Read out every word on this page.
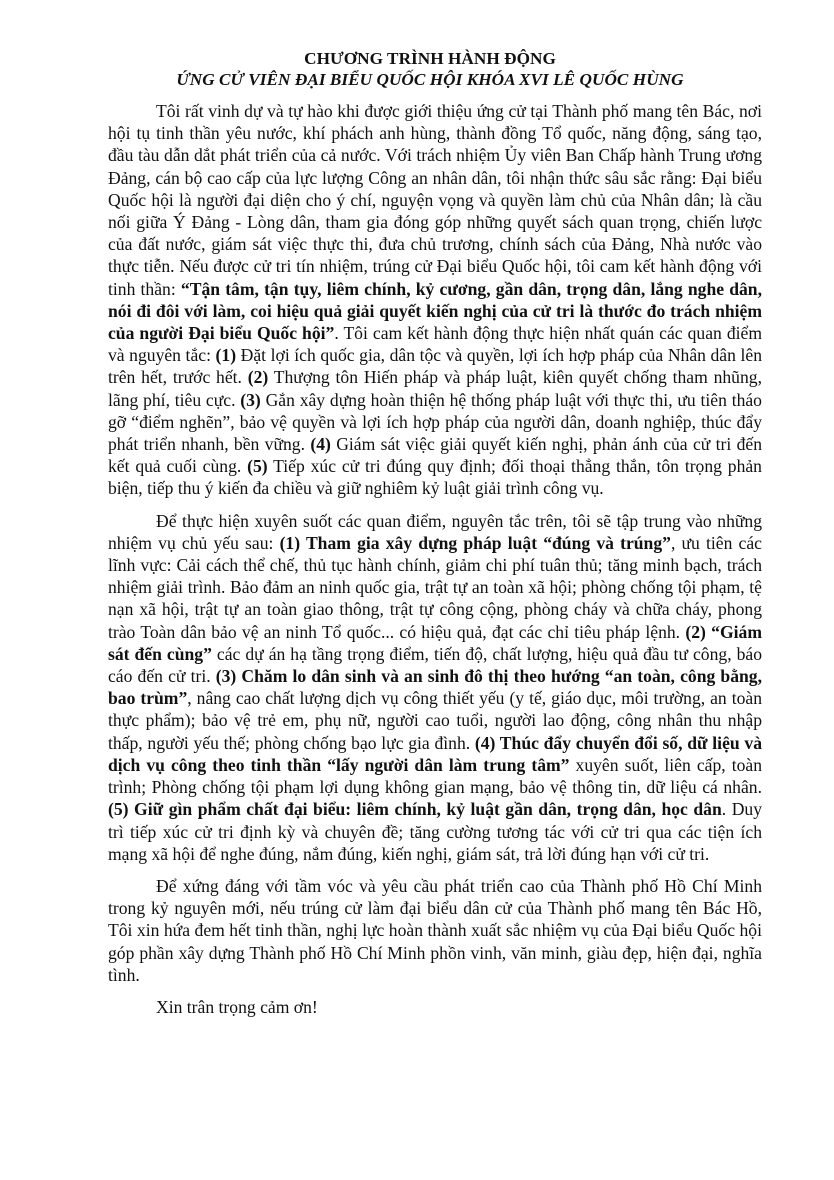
CHƯƠNG TRÌNH HÀNH ĐỘNG
ỨNG CỬ VIÊN ĐẠI BIỂU QUỐC HỘI KHÓA XVI LÊ QUỐC HÙNG

Tôi rất vinh dự và tự hào khi được giới thiệu ứng cử tại Thành phố mang tên Bác, nơi hội tụ tinh thần yêu nước, khí phách anh hùng, thành đồng Tổ quốc, năng động, sáng tạo, đầu tàu dẫn dắt phát triển của cả nước. Với trách nhiệm Ủy viên Ban Chấp hành Trung ương Đảng, cán bộ cao cấp của lực lượng Công an nhân dân, tôi nhận thức sâu sắc rằng: Đại biểu Quốc hội là người đại diện cho ý chí, nguyện vọng và quyền làm chủ của Nhân dân; là cầu nối giữa Ý Đảng - Lòng dân, tham gia đóng góp những quyết sách quan trọng, chiến lược của đất nước, giám sát việc thực thi, đưa chủ trương, chính sách của Đảng, Nhà nước vào thực tiễn. Nếu được cử tri tín nhiệm, trúng cử Đại biểu Quốc hội, tôi cam kết hành động với tinh thần: “Tận tâm, tận tụy, liêm chính, kỷ cương, gần dân, trọng dân, lắng nghe dân, nói đi đôi với làm, coi hiệu quả giải quyết kiến nghị của cử tri là thước đo trách nhiệm của người Đại biểu Quốc hội”. Tôi cam kết hành động thực hiện nhất quán các quan điểm và nguyên tắc: (1) Đặt lợi ích quốc gia, dân tộc và quyền, lợi ích hợp pháp của Nhân dân lên trên hết, trước hết. (2) Thượng tôn Hiến pháp và pháp luật, kiên quyết chống tham nhũng, lãng phí, tiêu cực. (3) Gắn xây dựng hoàn thiện hệ thống pháp luật với thực thi, ưu tiên tháo gỡ “điểm nghẽn”, bảo vệ quyền và lợi ích hợp pháp của người dân, doanh nghiệp, thúc đẩy phát triển nhanh, bền vững. (4) Giám sát việc giải quyết kiến nghị, phản ánh của cử tri đến kết quả cuối cùng. (5) Tiếp xúc cử tri đúng quy định; đối thoại thẳng thắn, tôn trọng phản biện, tiếp thu ý kiến đa chiều và giữ nghiêm kỷ luật giải trình công vụ.

Để thực hiện xuyên suốt các quan điểm, nguyên tắc trên, tôi sẽ tập trung vào những nhiệm vụ chủ yếu sau: (1) Tham gia xây dựng pháp luật “đúng và trúng”, ưu tiên các lĩnh vực: Cải cách thể chế, thủ tục hành chính, giảm chi phí tuân thủ; tăng minh bạch, trách nhiệm giải trình. Bảo đảm an ninh quốc gia, trật tự an toàn xã hội; phòng chống tội phạm, tệ nạn xã hội, trật tự an toàn giao thông, trật tự công cộng, phòng cháy và chữa cháy, phong trào Toàn dân bảo vệ an ninh Tổ quốc... có hiệu quả, đạt các chỉ tiêu pháp lệnh. (2) “Giám sát đến cùng” các dự án hạ tầng trọng điểm, tiến độ, chất lượng, hiệu quả đầu tư công, báo cáo đến cử tri. (3) Chăm lo dân sinh và an sinh đô thị theo hướng “an toàn, công bằng, bao trùm”, nâng cao chất lượng dịch vụ công thiết yếu (y tế, giáo dục, môi trường, an toàn thực phẩm); bảo vệ trẻ em, phụ nữ, người cao tuổi, người lao động, công nhân thu nhập thấp, người yếu thế; phòng chống bạo lực gia đình. (4) Thúc đẩy chuyển đổi số, dữ liệu và dịch vụ công theo tinh thần “lấy người dân làm trung tâm” xuyên suốt, liên cấp, toàn trình; Phòng chống tội phạm lợi dụng không gian mạng, bảo vệ thông tin, dữ liệu cá nhân. (5) Giữ gìn phẩm chất đại biểu: liêm chính, kỷ luật gần dân, trọng dân, học dân. Duy trì tiếp xúc cử tri định kỳ và chuyên đề; tăng cường tương tác với cử tri qua các tiện ích mạng xã hội để nghe đúng, nắm đúng, kiến nghị, giám sát, trả lời đúng hạn với cử tri.

Để xứng đáng với tầm vóc và yêu cầu phát triển cao của Thành phố Hồ Chí Minh trong kỷ nguyên mới, nếu trúng cử làm đại biểu dân cử của Thành phố mang tên Bác Hồ, Tôi xin hứa đem hết tinh thần, nghị lực hoàn thành xuất sắc nhiệm vụ của Đại biểu Quốc hội góp phần xây dựng Thành phố Hồ Chí Minh phồn vinh, văn minh, giàu đẹp, hiện đại, nghĩa tình.

Xin trân trọng cảm ơn!
